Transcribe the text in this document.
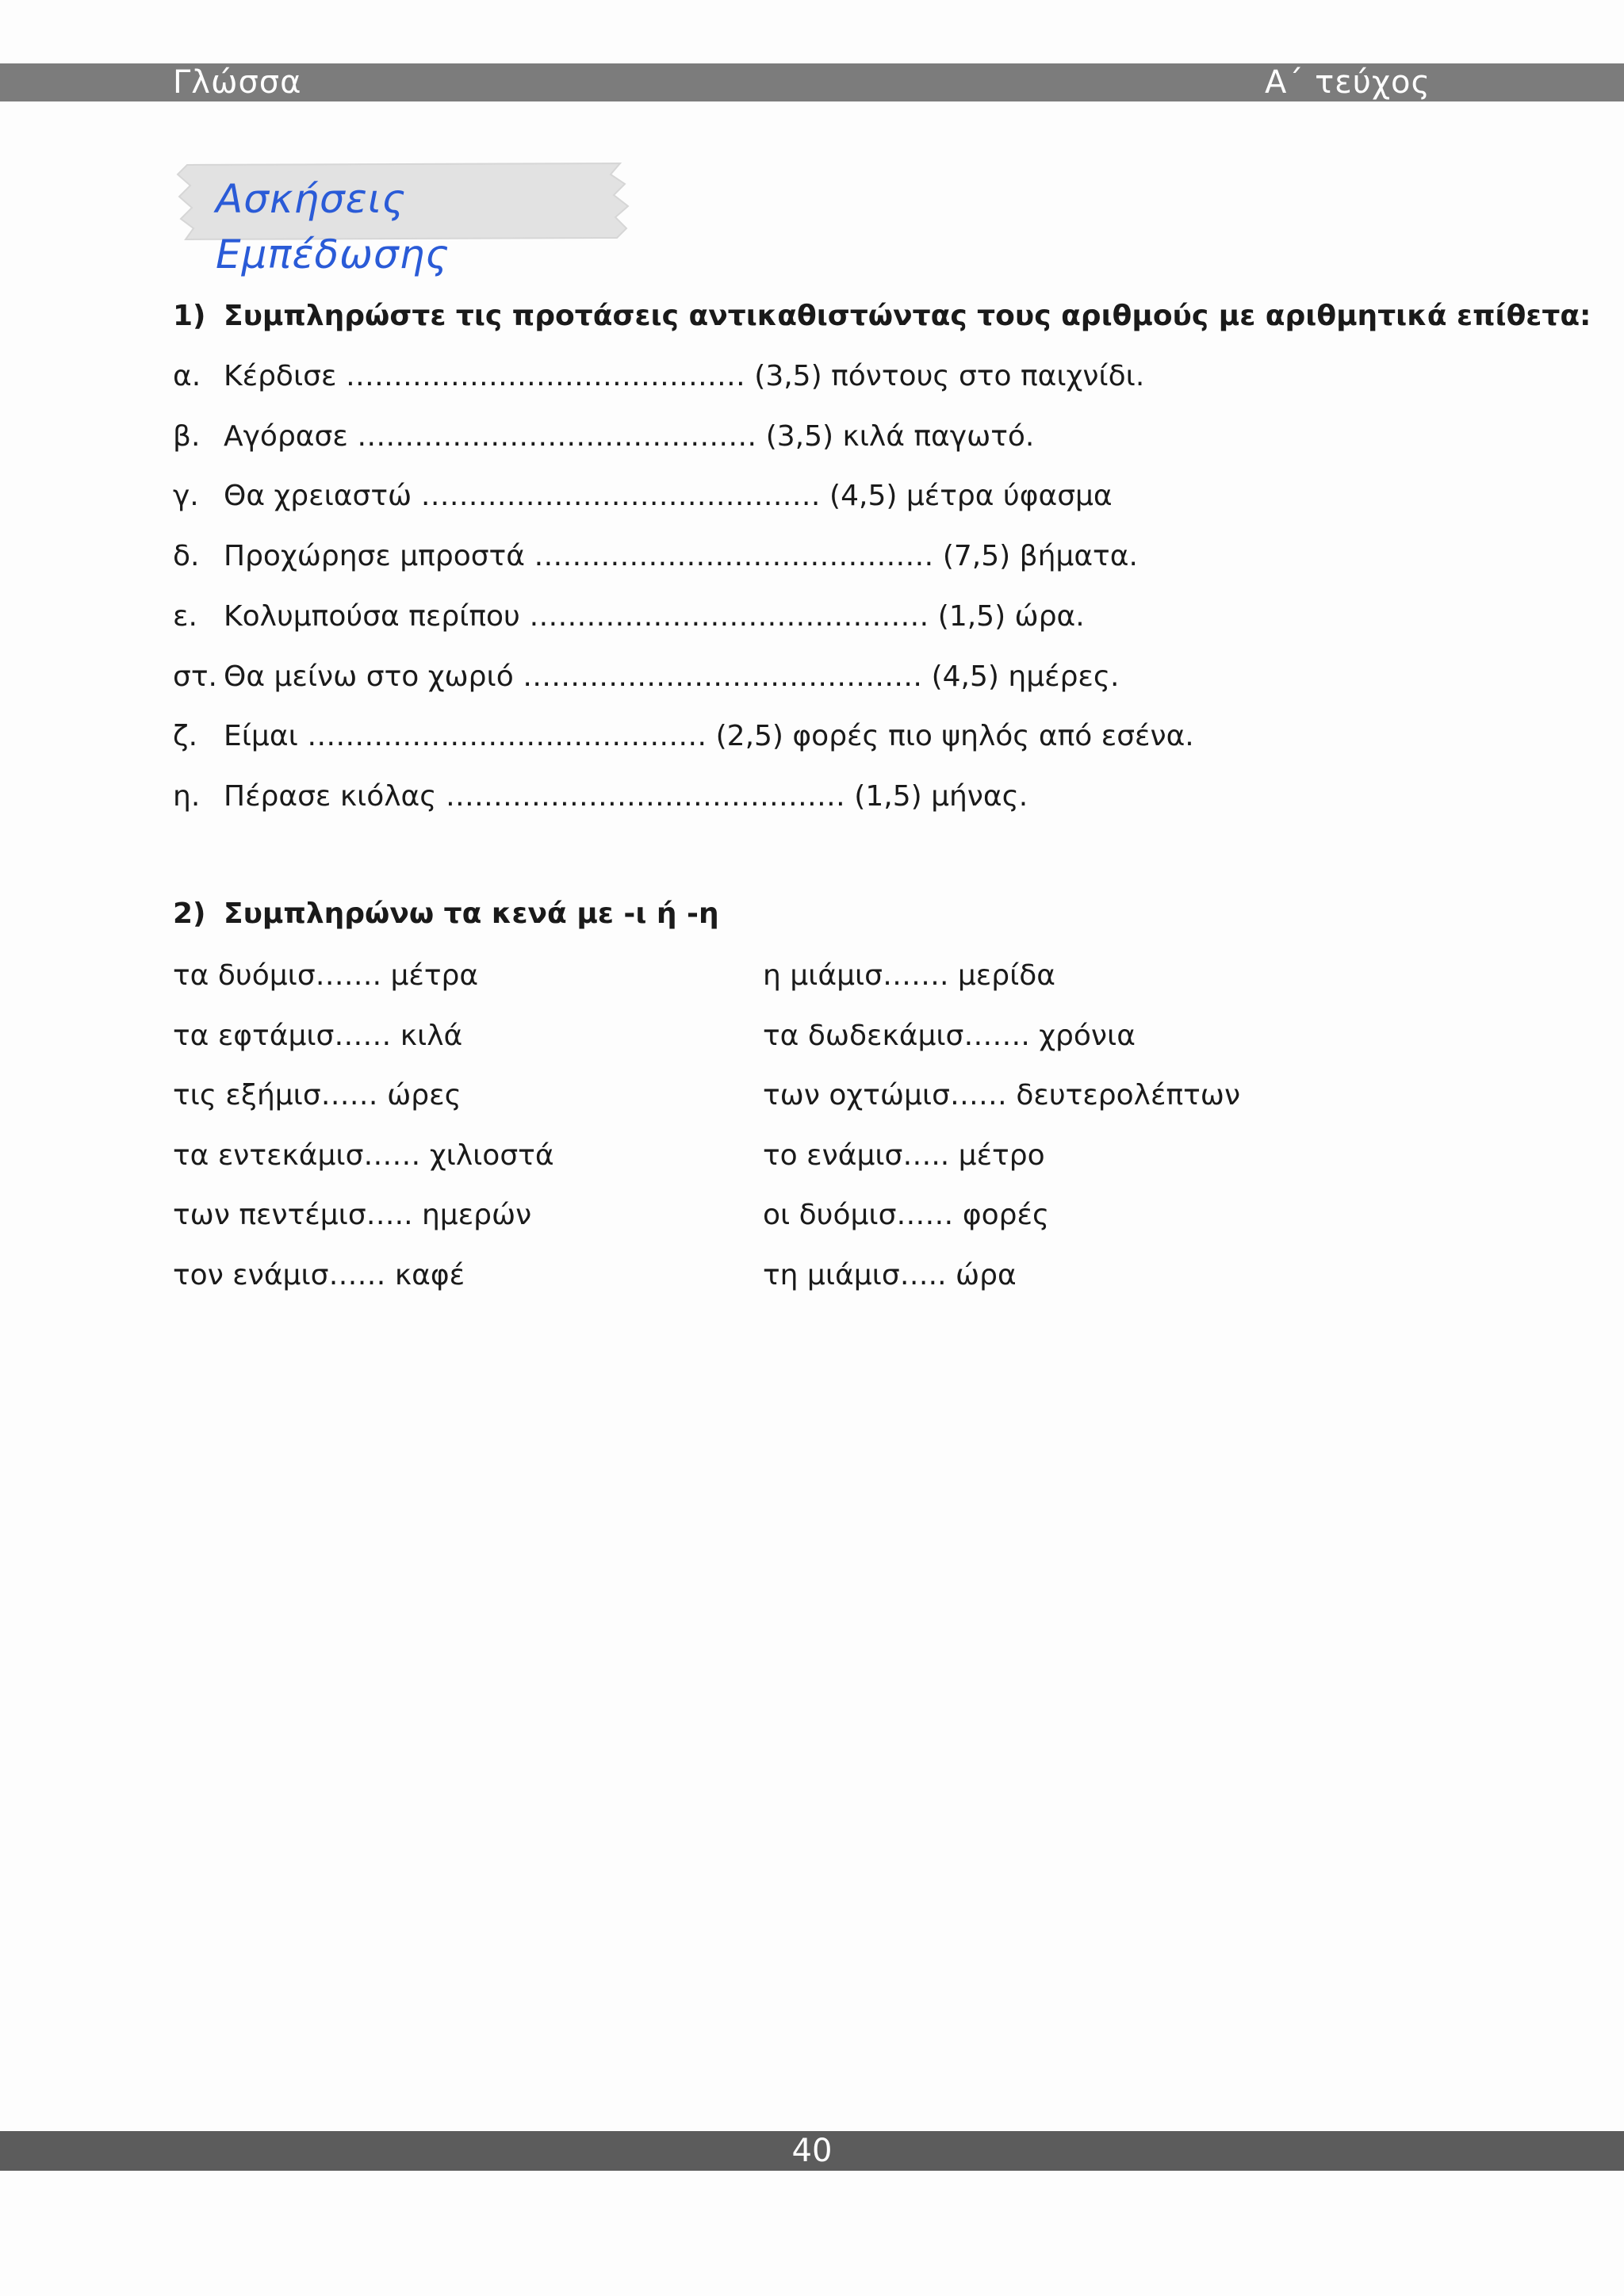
Γλώσσα	Α΄ τεύχος
Ασκήσεις Εμπέδωσης
1) Συμπληρώστε τις προτάσεις αντικαθιστώντας τους αριθμούς με αριθμητικά επίθετα:
α. Κέρδισε …………………………………… (3,5) πόντους στο παιχνίδι.
β. Αγόρασε …………………………………… (3,5) κιλά παγωτό.
γ. Θα χρειαστώ …………………………………… (4,5) μέτρα ύφασμα
δ. Προχώρησε μπροστά …………………………………… (7,5) βήματα.
ε. Κολυμπούσα περίπου …………………………………… (1,5) ώρα.
στ. Θα μείνω στο χωριό …………………………………… (4,5) ημέρες.
ζ. Είμαι …………………………………… (2,5) φορές πιο ψηλός από εσένα.
η. Πέρασε κιόλας …………………………………… (1,5) μήνας.
2) Συμπληρώνω τα κενά με -ι ή -η
τα δυόμισ……. μέτρα
τα εφτάμισ…… κιλά
τις εξήμισ…… ώρες
τα εντεκάμισ…… χιλιοστά
των πεντέμισ….. ημερών
τον ενάμισ…… καφέ
η μιάμισ……. μερίδα
τα δωδεκάμισ……. χρόνια
των οχτώμισ…… δευτερολέπτων
το ενάμισ….. μέτρο
οι δυόμισ…… φορές
τη μιάμισ….. ώρα
40
